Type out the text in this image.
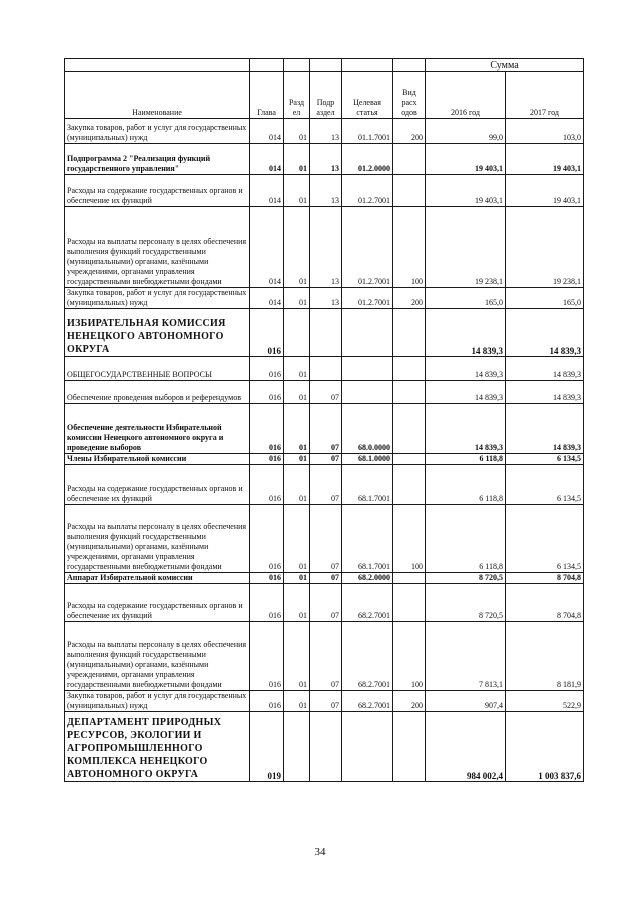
						Сумма	
Наименование	Глава	Разд ел	Подр аздел	Целевая статья	Вид расх одов	2016 год	2017 год
Закупка товаров, работ и услуг для государственных (муниципальных) нужд	014	01	13	01.1.7001	200	99,0	103,0
Подпрограмма 2 "Реализация функций государственного управления"	014	01	13	01.2.0000		19 403,1	19 403,1
Расходы на содержание государственных органов и обеспечение их функций	014	01	13	01.2.7001		19 403,1	19 403,1
Расходы на выплаты персоналу в целях обеспечения выполнения функций государственными (муниципальными) органами, казёнными учреждениями, органами управления государственными внебюджетными фондами	014	01	13	01.2.7001	100	19 238,1	19 238,1
Закупка товаров, работ и услуг для государственных (муниципальных) нужд	014	01	13	01.2.7001	200	165,0	165,0
ИЗБИРАТЕЛЬНАЯ КОМИССИЯ НЕНЕЦКОГО АВТОНОМНОГО ОКРУГА	016					14 839,3	14 839,3
ОБЩЕГОСУДАРСТВЕННЫЕ ВОПРОСЫ	016	01				14 839,3	14 839,3
Обеспечение проведения выборов и референдумов	016	01	07			14 839,3	14 839,3
Обеспечение деятельности Избирательной комиссии Ненецкого автономного округа и проведение выборов	016	01	07	68.0.0000		14 839,3	14 839,3
Члены Избирательной комиссии	016	01	07	68.1.0000		6 118,8	6 134,5
Расходы на содержание государственных органов и обеспечение их функций	016	01	07	68.1.7001		6 118,8	6 134,5
Расходы на выплаты персоналу в целях обеспечения выполнения функций государственными (муниципальными) органами, казёнными учреждениями, органами управления государственными внебюджетными фондами	016	01	07	68.1.7001	100	6 118,8	6 134,5
Аппарат Избирательной комиссии	016	01	07	68.2.0000		8 720,5	8 704,8
Расходы на содержание государственных органов и обеспечение их функций	016	01	07	68.2.7001		8 720,5	8 704,8
Расходы на выплаты персоналу в целях обеспечения выполнения функций государственными (муниципальными) органами, казёнными учреждениями, органами управления государственными внебюджетными фондами	016	01	07	68.2.7001	100	7 813,1	8 181,9
Закупка товаров, работ и услуг для государственных (муниципальных) нужд	016	01	07	68.2.7001	200	907,4	522,9
ДЕПАРТАМЕНТ ПРИРОДНЫХ РЕСУРСОВ, ЭКОЛОГИИ И АГРОПРОМЫШЛЕННОГО КОМПЛЕКСА НЕНЕЦКОГО АВТОНОМНОГО ОКРУГА	019					984 002,4	1 003 837,6
34
